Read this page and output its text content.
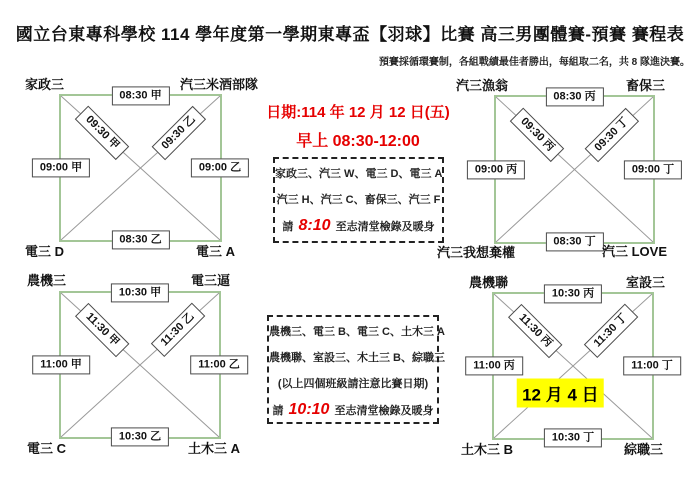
國立台東專科學校 114 學年度第一學期東專盃【羽球】比賽 高三男團體賽-預賽 賽程表
預賽採循環賽制，各組戰績最佳者勝出，每組取二名，共 8 隊進決賽。
日期:114 年 12 月 12 日(五)
早上 08:30-12:00
家政三、汽三 W、電三 D、電三 A
汽三 H、汽三 C、畜保三、汽三 F
請 8:10 至志清堂檢錄及暖身
農機三、電三 B、電三 C、土木三 A
農機聯、室設三、木土三 B、綜職三
(以上四個班級請注意比賽日期)
請 10:10 至志清堂檢錄及暖身
08:30 甲
09:00 甲	09:00 乙
08:30 乙
09:30 甲	09:30 乙
家政三	汽三米酒部隊
電三 D	電三 A
08:30 丙
09:00 丙	09:00 丁
08:30 丁
09:30 丙	09:30 丁
汽三漁翁	畜保三
汽三我想棄權	汽三 LOVE
10:30 甲
11:00 甲	11:00 乙
10:30 乙
11:30 甲	11:30 乙
農機三	電三逼
電三 C	土木三 A
10:30 丙
11:00 丙	11:00 丁
10:30 丁
11:30 丙	11:30 丁
12 月 4 日
農機聯	室設三
土木三 B	綜職三
